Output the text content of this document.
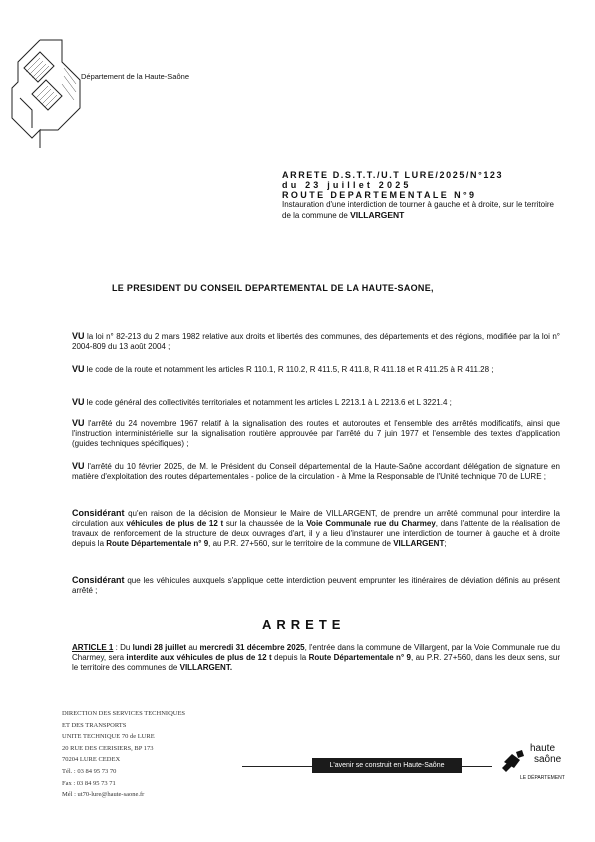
Département de la Haute-Saône
ARRETE D.S.T.T./U.T LURE/2025/N°123
du 23 juillet 2025
ROUTE DEPARTEMENTALE N°9
Instauration d'une interdiction de tourner à gauche et à droite, sur le territoire de la commune de VILLARGENT
LE PRESIDENT DU CONSEIL DEPARTEMENTAL DE LA HAUTE-SAONE,
VU la loi n° 82-213 du 2 mars 1982 relative aux droits et libertés des communes, des départements et des régions, modifiée par la loi n° 2004-809 du 13 août 2004 ;
VU le code de la route et notamment les articles R 110.1, R 110.2, R 411.5, R 411.8, R 411.18 et R 411.25 à R 411.28 ;
VU le code général des collectivités territoriales et notamment les articles L 2213.1 à L 2213.6 et L 3221.4 ;
VU l'arrêté du 24 novembre 1967 relatif à la signalisation des routes et autoroutes et l'ensemble des arrêtés modificatifs, ainsi que l'instruction interministérielle sur la signalisation routière approuvée par l'arrêté du 7 juin 1977 et l'ensemble des textes d'application (guides techniques spécifiques) ;
VU l'arrêté du 10 février 2025, de M. le Président du Conseil départemental de la Haute-Saône accordant délégation de signature en matière d'exploitation des routes départementales - police de la circulation - à Mme la Responsable de l'Unité technique 70 de LURE ;
Considérant qu'en raison de la décision de Monsieur le Maire de VILLARGENT, de prendre un arrêté communal pour interdire la circulation aux véhicules de plus de 12 t sur la chaussée de la Voie Communale rue du Charmey, dans l'attente de la réalisation de travaux de renforcement de la structure de deux ouvrages d'art, il y a lieu d'instaurer une interdiction de tourner à gauche et à droite depuis la Route Départementale n° 9, au P.R. 27+560, sur le territoire de la commune de VILLARGENT;
Considérant que les véhicules auxquels s'applique cette interdiction peuvent emprunter les itinéraires de déviation définis au présent arrêté ;
ARRETE
ARTICLE 1 : Du lundi 28 juillet au mercredi 31 décembre 2025, l'entrée dans la commune de Villargent, par la Voie Communale rue du Charmey, sera interdite aux véhicules de plus de 12 t depuis la Route Départementale n° 9, au P.R. 27+560, dans les deux sens, sur le territoire des communes de VILLARGENT.
DIRECTION DES SERVICES TECHNIQUES
ET DES TRANSPORTS
UNITE TECHNIQUE 70 de LURE
20 RUE DES CERISIERS, BP 173
70204 LURE CEDEX
Tél. : 03 84 95 73 70
Fax : 03 84 95 73 71
Mél : ut70-lure@haute-saone.fr
L'avenir se construit en Haute-Saône
haute
saône
LE DÉPARTEMENT
